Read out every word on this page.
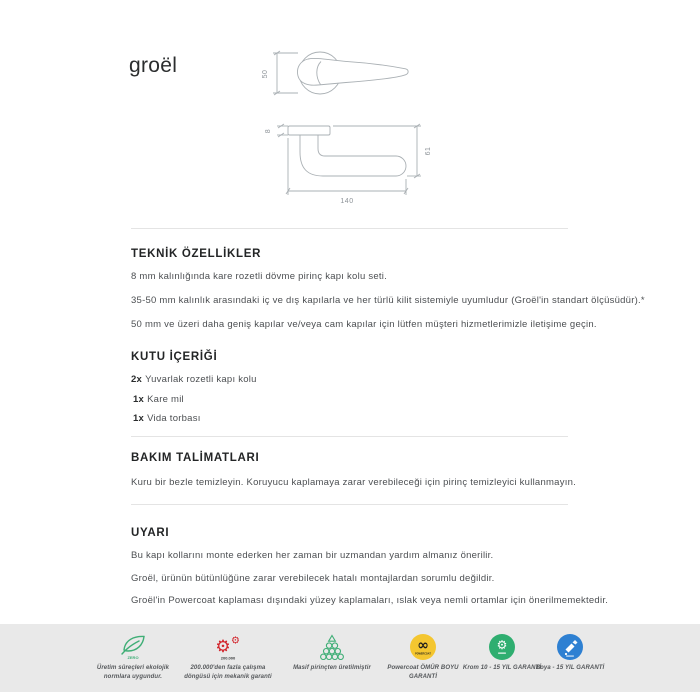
groël	50
8
61
140
TEKNİK ÖZELLİKLER
8 mm kalınlığında kare rozetli dövme pirinç kapı kolu seti.
35-50 mm kalınlık arasındaki iç ve dış kapılarla ve her türlü kilit sistemiyle uyumludur (Groël'in standart ölçüsüdür).*
50 mm ve üzeri daha geniş kapılar ve/veya cam kapılar için lütfen müşteri hizmetlerimizle iletişime geçin.
KUTU İÇERİĞİ
2x Yuvarlak rozetli kapı kolu
1x Kare mil
1x Vida torbası
BAKIM TALİMATLARI
Kuru bir bezle temizleyin. Koruyucu kaplamaya zarar verebileceği için pirinç temizleyici kullanmayın.
UYARI
Bu kapı kollarını monte ederken her zaman bir uzmandan yardım almanız önerilir.
Groël, ürünün bütünlüğüne zarar verebilecek hatalı montajlardan sorumlu değildir.
Groël'in Powercoat kaplaması dışındaki yüzey kaplamaları, ıslak veya nemli ortamlar için önerilmemektedir.
ZERO
Üretim süreçleri ekolojik normlara uygundur.
⚙ ⚙
200.000
200.000'den fazla çalışma döngüsü için mekanik garanti
Masif pirinçten üretilmiştir
∞
POWERCOAT
Powercoat ÖMÜR BOYU GARANTİ
⚙
Krom 10 - 15 YIL GARANTİ
Boya - 15 YIL GARANTİ
